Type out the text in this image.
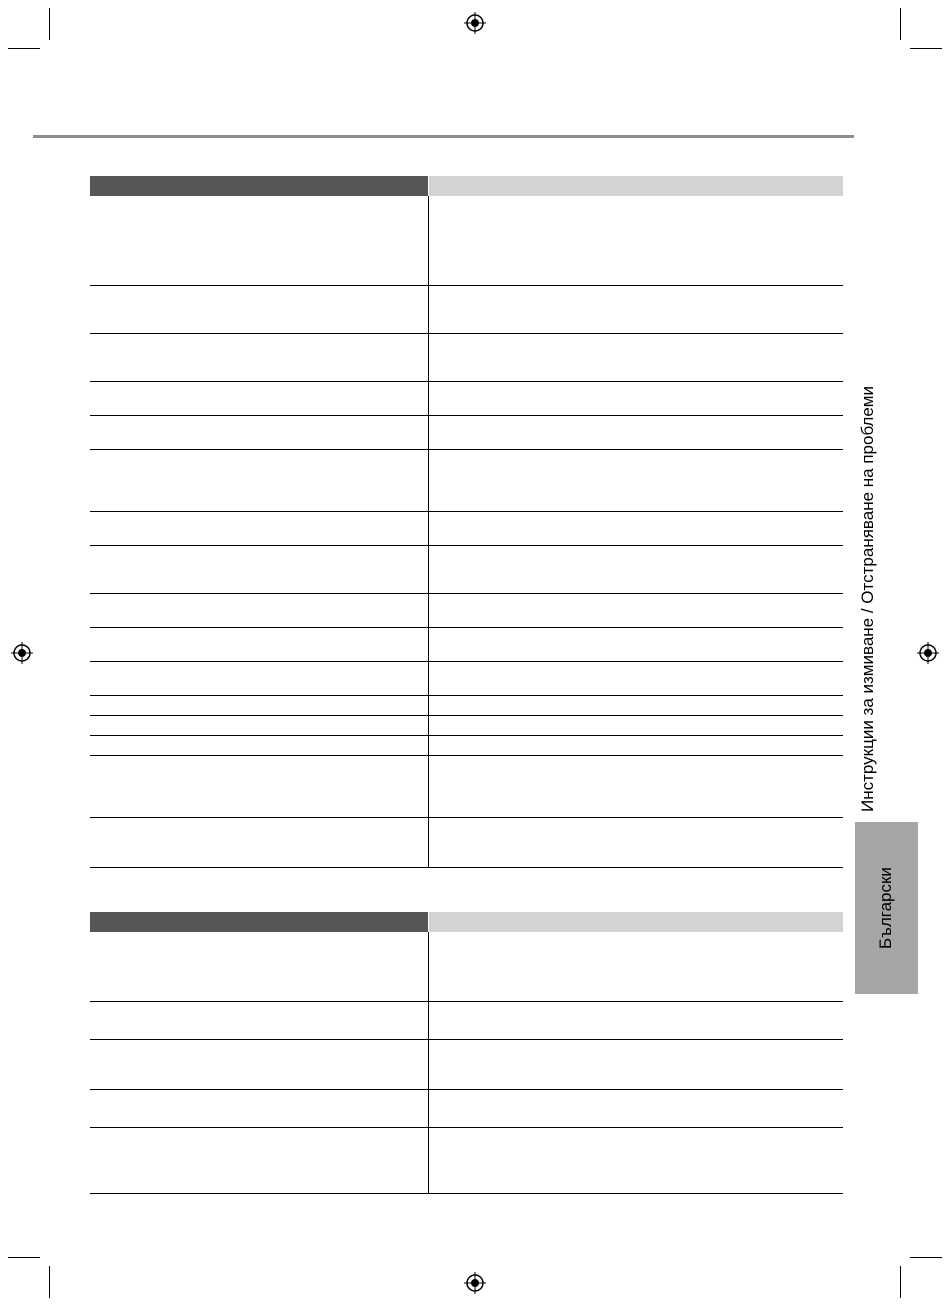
Инструкции за измиване / Отстраняване на проблеми
Български
